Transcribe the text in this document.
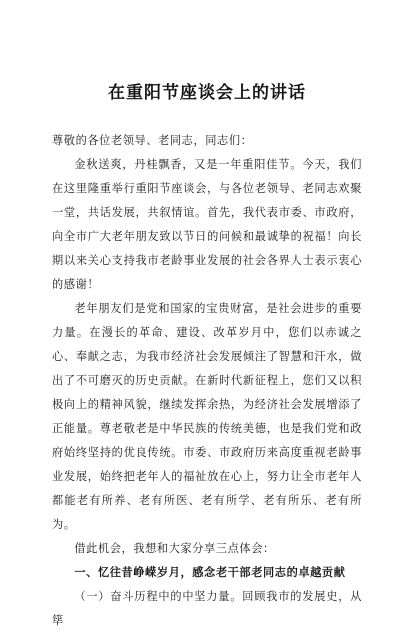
在重阳节座谈会上的讲话

尊敬的各位老领导、老同志，同志们：

金秋送爽，丹桂飘香，又是一年重阳佳节。今天，我们在这里隆重举行重阳节座谈会，与各位老领导、老同志欢聚一堂，共话发展，共叙情谊。首先，我代表市委、市政府，向全市广大老年朋友致以节日的问候和最诚挚的祝福！向长期以来关心支持我市老龄事业发展的社会各界人士表示衷心的感谢！

老年朋友们是党和国家的宝贵财富，是社会进步的重要力量。在漫长的革命、建设、改革岁月中，您们以赤诚之心、奉献之志，为我市经济社会发展倾注了智慧和汗水，做出了不可磨灭的历史贡献。在新时代新征程上，您们又以积极向上的精神风貌，继续发挥余热，为经济社会发展增添了正能量。尊老敬老是中华民族的传统美德，也是我们党和政府始终坚持的优良传统。市委、市政府历来高度重视老龄事业发展，始终把老年人的福祉放在心上，努力让全市老年人都能老有所养、老有所医、老有所学、老有所乐、老有所为。

借此机会，我想和大家分享三点体会：

一、忆往昔峥嵘岁月，感念老干部老同志的卓越贡献

（一）奋斗历程中的中坚力量。回顾我市的发展史，从筚
